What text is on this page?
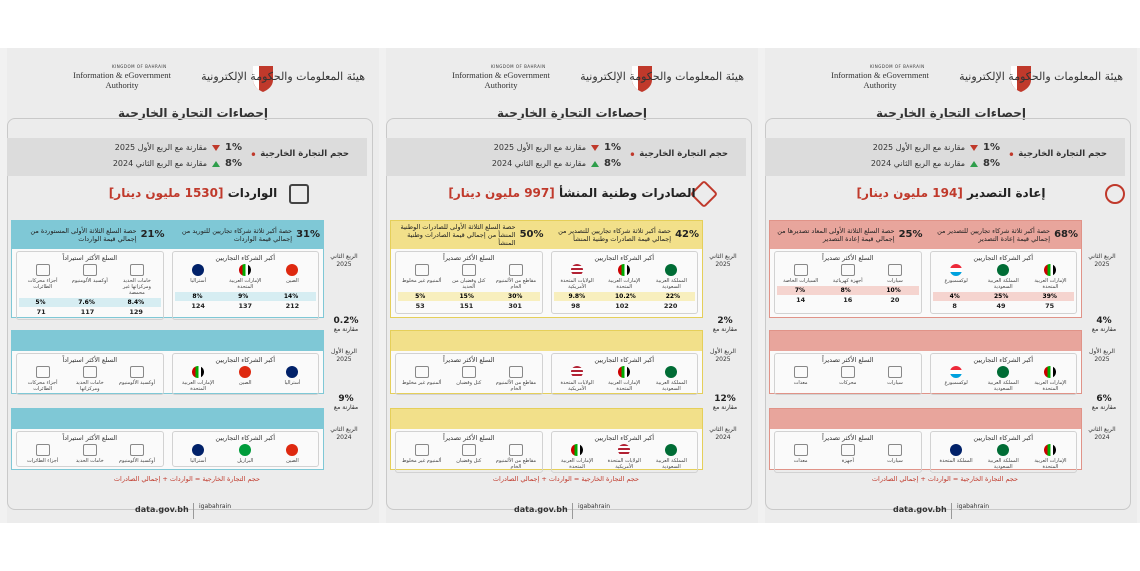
هيئة المعلومات والحكومة الإلكترونية
KINGDOM OF BAHRAIN
Information & eGovernment
Authority
إحصاءات التجارة الخارجية
حجم التجارة الخارجية
•
1%
مقارنة مع الربع الأول 2025
8%
مقارنة مع الربع الثاني 2024
الواردات [1530 مليون دينار]
31%
حصة أكبر ثلاثة شركاء تجاريين للتوريد من إجمالي قيمة الواردات
21%
حصة السلع الثلاثة الأولى المستوردة من إجمالي قيمة الواردات
أكبر الشركاء التجاريين
الصين
الإمارات العربية المتحدة
أستراليا
14%
9%
8%
212
137
124
السلع الأكثر استيراداً
خامات الحديد ومركزاتها غير محمصة
أوكسيد الألومنيوم
أجزاء محركات الطائرات
8.4%
7.6%
5%
129
117
71
الربع الثاني 2025
0.2%
مقارنة مع
أكبر الشركاء التجاريين
أستراليا
الصين
الإمارات العربية المتحدة
السلع الأكثر استيراداً
أوكسيد الألومنيوم
خامات الحديد ومركزاتها
أجزاء محركات الطائرات
الربع الأول 2025
9%
مقارنة مع
أكبر الشركاء التجاريين
الصين
البرازيل
أستراليا
السلع الأكثر استيراداً
أوكسيد الألومنيوم
خامات الحديد
أجزاء الطائرات
الربع الثاني 2024
حجم التجارة الخارجية = الواردات + إجمالي الصادرات
data.gov.bh igabahrain
هيئة المعلومات والحكومة الإلكترونية
KINGDOM OF BAHRAIN
Information & eGovernment
Authority
إحصاءات التجارة الخارجية
حجم التجارة الخارجية
•
1%
مقارنة مع الربع الأول 2025
8%
مقارنة مع الربع الثاني 2024
الصادرات وطنية المنشأ [997 مليون دينار]
42%
حصة أكبر ثلاثة شركاء تجاريين للتصدير من إجمالي قيمة الصادرات وطنية المنشأ
50%
حصة السلع الثلاثة الأولى للصادرات الوطنية المنشأ من إجمالي قيمة الصادرات وطنية المنشأ
أكبر الشركاء التجاريين
المملكة العربية السعودية
الإمارات العربية المتحدة
الولايات المتحدة الأمريكية
22%
10.2%
9.8%
220
102
98
السلع الأكثر تصديراً
مقاطع من الألمنيوم الخام
كتل وقضبان من الحديد
ألمنيوم غير مخلوط
30%
15%
5%
301
151
53
الربع الثاني 2025
2%
مقارنة مع
أكبر الشركاء التجاريين
المملكة العربية السعودية
الإمارات العربية المتحدة
الولايات المتحدة الأمريكية
السلع الأكثر تصديراً
مقاطع من الألمنيوم الخام
كتل وقضبان
ألمنيوم غير مخلوط
الربع الأول 2025
12%
مقارنة مع
أكبر الشركاء التجاريين
المملكة العربية السعودية
الولايات المتحدة الأمريكية
الإمارات العربية المتحدة
السلع الأكثر تصديراً
مقاطع من الألمنيوم الخام
كتل وقضبان
ألمنيوم غير مخلوط
الربع الثاني 2024
حجم التجارة الخارجية = الواردات + إجمالي الصادرات
data.gov.bh igabahrain
هيئة المعلومات والحكومة الإلكترونية
KINGDOM OF BAHRAIN
Information & eGovernment
Authority
إحصاءات التجارة الخارجية
حجم التجارة الخارجية
•
1%
مقارنة مع الربع الأول 2025
8%
مقارنة مع الربع الثاني 2024
إعادة التصدير [194 مليون دينار]
68%
حصة أكبر ثلاثة شركاء تجاريين للتصدير من إجمالي قيمة إعادة التصدير
25%
حصة السلع الثلاثة الأولى المعاد تصديرها من إجمالي قيمة إعادة التصدير
أكبر الشركاء التجاريين
الإمارات العربية المتحدة
المملكة العربية السعودية
لوكسمبورغ
39%
25%
4%
75
49
8
السلع الأكثر تصديراً
سيارات
أجهزة كهربائية
السيارات الخاصة
10%
8%
7%
20
16
14
الربع الثاني 2025
4%
مقارنة مع
أكبر الشركاء التجاريين
الإمارات العربية المتحدة
المملكة العربية السعودية
لوكسمبورغ
السلع الأكثر تصديراً
سيارات
محركات
معدات
الربع الأول 2025
6%
مقارنة مع
أكبر الشركاء التجاريين
الإمارات العربية المتحدة
المملكة العربية السعودية
المملكة المتحدة
السلع الأكثر تصديراً
سيارات
أجهزة
معدات
الربع الثاني 2024
حجم التجارة الخارجية = الواردات + إجمالي الصادرات
data.gov.bh igabahrain
